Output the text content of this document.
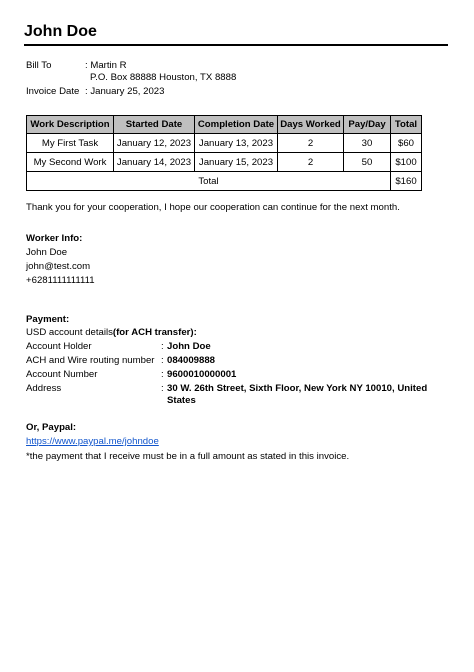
John Doe
Bill To	: Martin R
P.O. Box 88888 Houston, TX 8888
Invoice Date : January 25, 2023
Work Description	Started Date	Completion Date	Days Worked	Pay/Day	Total
My First Task	January 12, 2023	January 13, 2023	2	30	$60
My Second Work	January 14, 2023	January 15, 2023	2	50	$100
Total					$160
Thank you for your cooperation, I hope our cooperation can continue for the next month.
Worker Info:
John Doe
john@test.com
+6281111111111
Payment:
USD account details(for ACH transfer):
Account Holder	: John Doe
ACH and Wire routing number : 084009888
Account Number	: 9600010000001
Address	: 30 W. 26th Street, Sixth Floor, New York NY 10010, United
States
Or, Paypal:
https://www.paypal.me/johndoe
*the payment that I receive must be in a full amount as stated in this invoice.
